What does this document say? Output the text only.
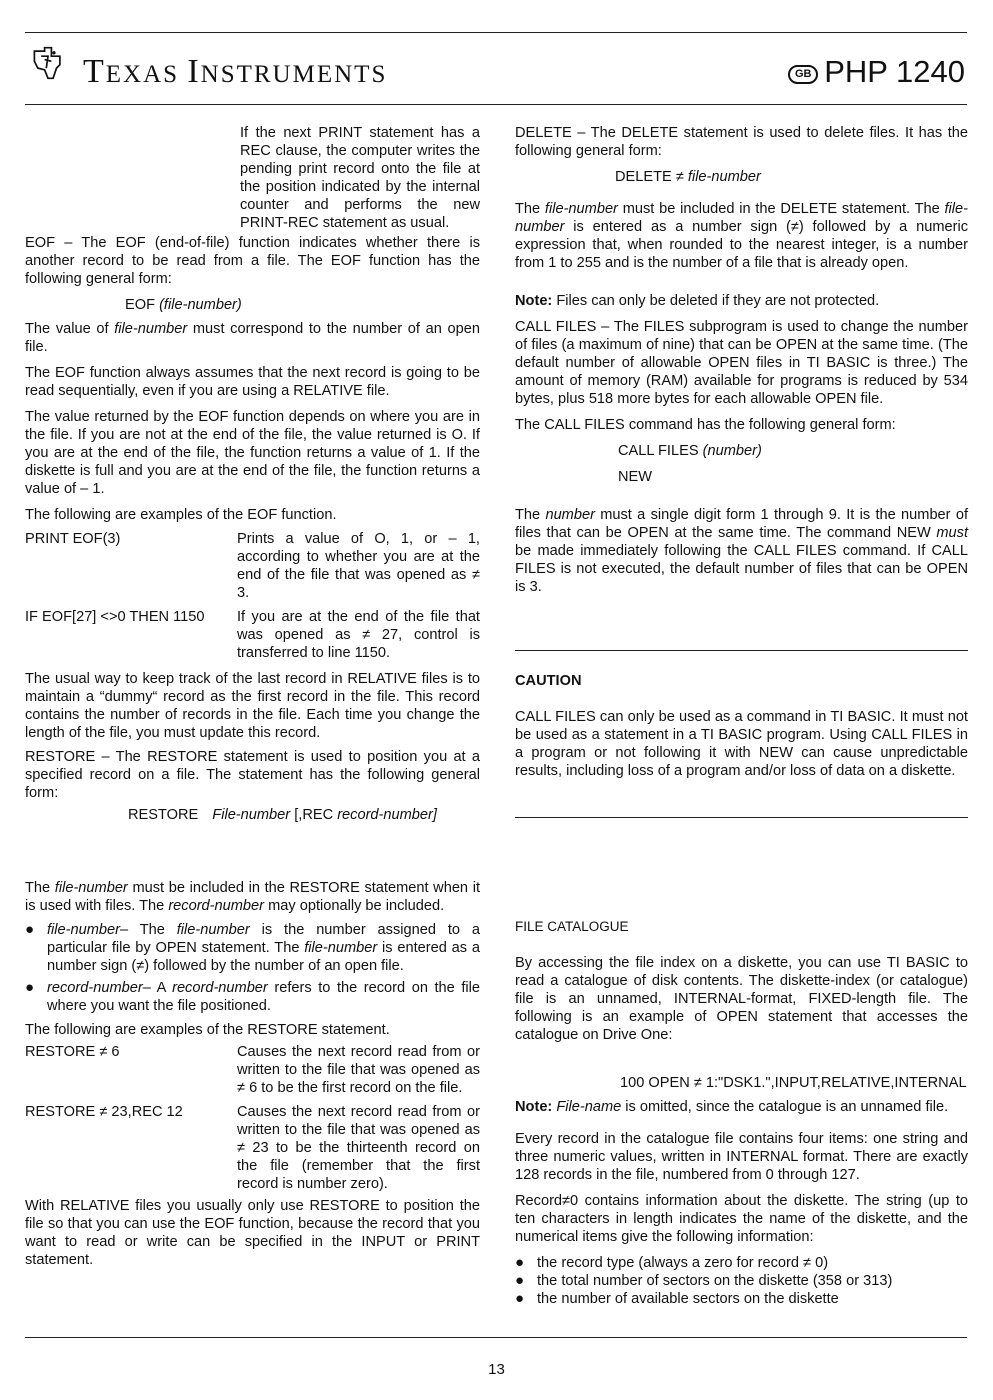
TEXAS INSTRUMENTS	GB PHP 1240

If the next PRINT statement has a REC clause, the computer writes the pending print record onto the file at the position indicated by the internal counter and performs the new PRINT-REC statement as usual.

EOF – The EOF (end-of-file) function indicates whether there is another record to be read from a file. The EOF function has the following general form:

EOF (file-number)

The value of file-number must correspond to the number of an open file.

The EOF function always assumes that the next record is going to be read sequentially, even if you are using a RELATIVE file.

The value returned by the EOF function depends on where you are in the file. If you are not at the end of the file, the value returned is O. If you are at the end of the file, the function returns a value of 1. If the diskette is full and you are at the end of the file, the function returns a value of – 1.

The following are examples of the EOF function.

PRINT EOF(3)	Prints a value of O, 1, or – 1, according to whether you are at the end of the file that was opened as ≠ 3.
IF EOF[27] <>0 THEN 1150	If you are at the end of the file that was opened as ≠ 27, control is transferred to line 1150.

The usual way to keep track of the last record in RELATIVE files is to maintain a “dummy“ record as the first record in the file. This record contains the number of records in the file. Each time you change the length of the file, you must update this record.

RESTORE – The RESTORE statement is used to position you at a specified record on a file. The statement has the following general form:

RESTORE File-number [,REC record-number]

The file-number must be included in the RESTORE statement when it is used with files. The record-number may optionally be included.

● file-number– The file-number is the number assigned to a particular file by OPEN statement. The file-number is entered as a number sign (≠) followed by the number of an open file.
● record-number– A record-number refers to the record on the file where you want the file positioned.

The following are examples of the RESTORE statement.

RESTORE ≠ 6	Causes the next record read from or written to the file that was opened as ≠ 6 to be the first record on the file.
RESTORE ≠ 23,REC 12	Causes the next record read from or written to the file that was opened as ≠ 23 to be the thirteenth record on the file (remember that the first record is number zero).

With RELATIVE files you usually only use RESTORE to position the file so that you can use the EOF function, because the record that you want to read or write can be specified in the INPUT or PRINT statement.

DELETE – The DELETE statement is used to delete files. It has the following general form:

DELETE ≠ file-number

The file-number must be included in the DELETE statement. The file-number is entered as a number sign (≠) followed by a numeric expression that, when rounded to the nearest integer, is a number from 1 to 255 and is the number of a file that is already open.

Note: Files can only be deleted if they are not protected.

CALL FILES – The FILES subprogram is used to change the number of files (a maximum of nine) that can be OPEN at the same time. (The default number of allowable OPEN files in TI BASIC is three.) The amount of memory (RAM) available for programs is reduced by 534 bytes, plus 518 more bytes for each allowable OPEN file.

The CALL FILES command has the following general form:

CALL FILES (number)

NEW

The number must a single digit form 1 through 9. It is the number of files that can be OPEN at the same time. The command NEW must be made immediately following the CALL FILES command. If CALL FILES is not executed, the default number of files that can be OPEN is 3.

CAUTION

CALL FILES can only be used as a command in TI BASIC. It must not be used as a statement in a TI BASIC program. Using CALL FILES in a program or not following it with NEW can cause unpredictable results, including loss of a program and/or loss of data on a diskette.

FILE CATALOGUE

By accessing the file index on a diskette, you can use TI BASIC to read a catalogue of disk contents. The diskette-index (or catalogue) file is an unnamed, INTERNAL-format, FIXED-length file. The following is an example of OPEN statement that accesses the catalogue on Drive One:

100 OPEN ≠ 1:"DSK1.",INPUT,RELATIVE,INTERNAL

Note: File-name is omitted, since the catalogue is an unnamed file.

Every record in the catalogue file contains four items: one string and three numeric values, written in INTERNAL format. There are exactly 128 records in the file, numbered from 0 through 127.

Record≠0 contains information about the diskette. The string (up to ten characters in length indicates the name of the diskette, and the numerical items give the following information:

● the record type (always a zero for record ≠ 0)
● the total number of sectors on the diskette (358 or 313)
● the number of available sectors on the diskette
13
